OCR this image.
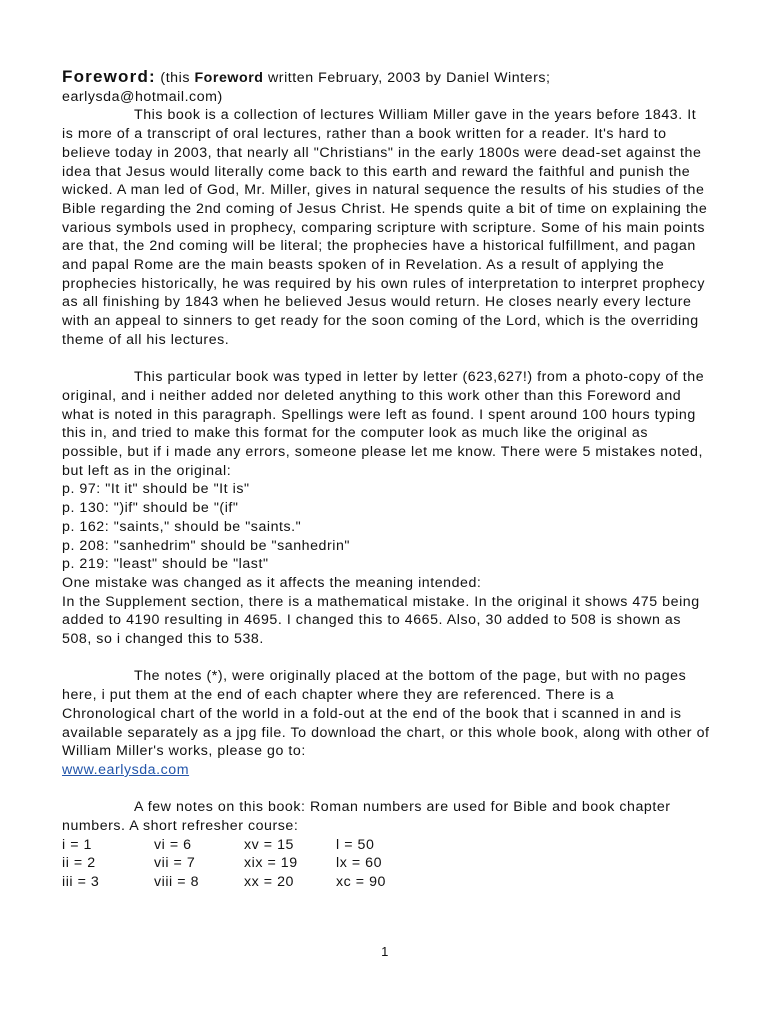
Foreword: (this Foreword written February, 2003 by Daniel Winters;

earlysda@hotmail.com)

This book is a collection of lectures William Miller gave in the years before 1843. It is more of a transcript of oral lectures, rather than a book written for a reader. It's hard to believe today in 2003, that nearly all "Christians" in the early 1800s were dead-set against the idea that Jesus would literally come back to this earth and reward the faithful and punish the wicked. A man led of God, Mr. Miller, gives in natural sequence the results of his studies of the Bible regarding the 2nd coming of Jesus Christ. He spends quite a bit of time on explaining the various symbols used in prophecy, comparing scripture with scripture. Some of his main points are that, the 2nd coming will be literal; the prophecies have a historical fulfillment, and pagan and papal Rome are the main beasts spoken of in Revelation. As a result of applying the prophecies historically, he was required by his own rules of interpretation to interpret prophecy as all finishing by 1843 when he believed Jesus would return. He closes nearly every lecture with an appeal to sinners to get ready for the soon coming of the Lord, which is the overriding theme of all his lectures.

This particular book was typed in letter by letter (623,627!) from a photo-copy of the original, and i neither added nor deleted anything to this work other than this Foreword and what is noted in this paragraph. Spellings were left as found. I spent around 100 hours typing this in, and tried to make this format for the computer look as much like the original as possible, but if i made any errors, someone please let me know. There were 5 mistakes noted, but left as in the original:

p. 97: "It it" should be "It is"

p. 130: ")if" should be "(if"

p. 162: "saints," should be "saints."

p. 208: "sanhedrim" should be "sanhedrin"

p. 219: "least" should be "last"

One mistake was changed as it affects the meaning intended:

In the Supplement section, there is a mathematical mistake. In the original it shows 475 being added to 4190 resulting in 4695. I changed this to 4665. Also, 30 added to 508 is shown as 508, so i changed this to 538.

The notes (*), were originally placed at the bottom of the page, but with no pages here, i put them at the end of each chapter where they are referenced. There is a Chronological chart of the world in a fold-out at the end of the book that i scanned in and is available separately as a jpg file. To download the chart, or this whole book, along with other of William Miller's works, please go to:

www.earlysda.com

A few notes on this book: Roman numbers are used for Bible and book chapter numbers. A short refresher course:

i = 1	vi = 6	xv = 15	l = 50
ii = 2	vii = 7	xix = 19	lx = 60
iii = 3	viii = 8	xx = 20	xc = 90
1
